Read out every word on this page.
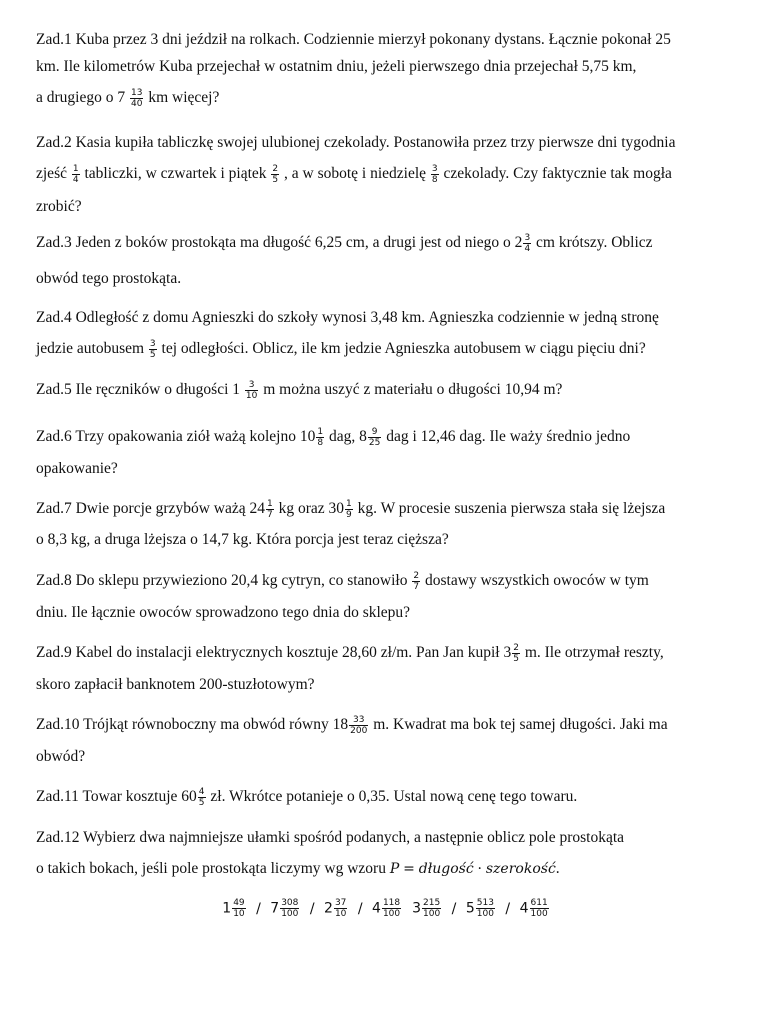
Zad.1 Kuba przez 3 dni jeździł na rolkach. Codziennie mierzył pokonany dystans. Łącznie pokonał 25
km. Ile kilometrów Kuba przejechał w ostatnim dniu, jeżeli pierwszego dnia przejechał 5,75 km,
a drugiego o $7 \frac{13}{40}$ km więcej?
Zad.2 Kasia kupiła tabliczkę swojej ulubionej czekolady. Postanowiła przez trzy pierwsze dni tygodnia
zjeść $\frac{1}{4}$ tabliczki, w czwartek i piątek $\frac{2}{5}$ , a w sobotę i niedzielę $\frac{3}{8}$ czekolady. Czy faktycznie tak mogła
zrobić?
Zad.3 Jeden z boków prostokąta ma długość 6,25 cm, a drugi jest od niego o $2 \frac{3}{4}$ cm krótszy. Oblicz
obwód tego prostokąta.
Zad.4 Odległość z domu Agnieszki do szkoły wynosi 3,48 km. Agnieszka codziennie w jedną stronę
jedzie autobusem $\frac{3}{5}$ tej odległości. Oblicz, ile km jedzie Agnieszka autobusem w ciągu pięciu dni?
Zad.5 Ile ręczników o długości $1 \frac{3}{10}$ m można uszyć z materiału o długości 10,94 m?
Zad.6 Trzy opakowania ziół ważą kolejno $10 \frac{1}{8}$ dag, $8 \frac{9}{25}$ dag i 12,46 dag. Ile waży średnio jedno
opakowanie?
Zad.7 Dwie porcje grzybów ważą $24 \frac{1}{7}$ kg oraz $30 \frac{1}{9}$ kg. W procesie suszenia pierwsza stała się lżejsza
o 8,3 kg, a druga lżejsza o 14,7 kg. Która porcja jest teraz cięższa?
Zad.8 Do sklepu przywieziono 20,4 kg cytryn, co stanowiło $\frac{2}{7}$ dostawy wszystkich owoców w tym
dniu. Ile łącznie owoców sprowadzono tego dnia do sklepu?
Zad.9 Kabel do instalacji elektrycznych kosztuje 28,60 zł/m. Pan Jan kupił $3 \frac{2}{5} m$. Ile otrzymał reszty,
skoro zapłacił banknotem 200-stuzłotowym?
Zad.10 Trójkąt równoboczny ma obwód równy $18 \frac{33}{200} m$. Kwadrat ma bok tej samej długości. Jaki ma
obwód?
Zad.11 Towar kosztuje $60 \frac{4}{5}$ zł. Wkrótce potanieje o 0,35. Ustal nową cenę tego towaru.
Zad.12 Wybierz dwa najmniejsze ułamki spośród podanych, a następnie oblicz pole prostokąta
o takich bokach, jeśli pole prostokąta liczymy wg wzoru P = długość · szerokość.
$1 \frac{49}{10} / 7 \frac{308}{100} / 2 \frac{37}{10} / 4 \frac{118}{100} 3 \frac{215}{100} / 5 \frac{513}{100} / 4 \frac{611}{100}$
